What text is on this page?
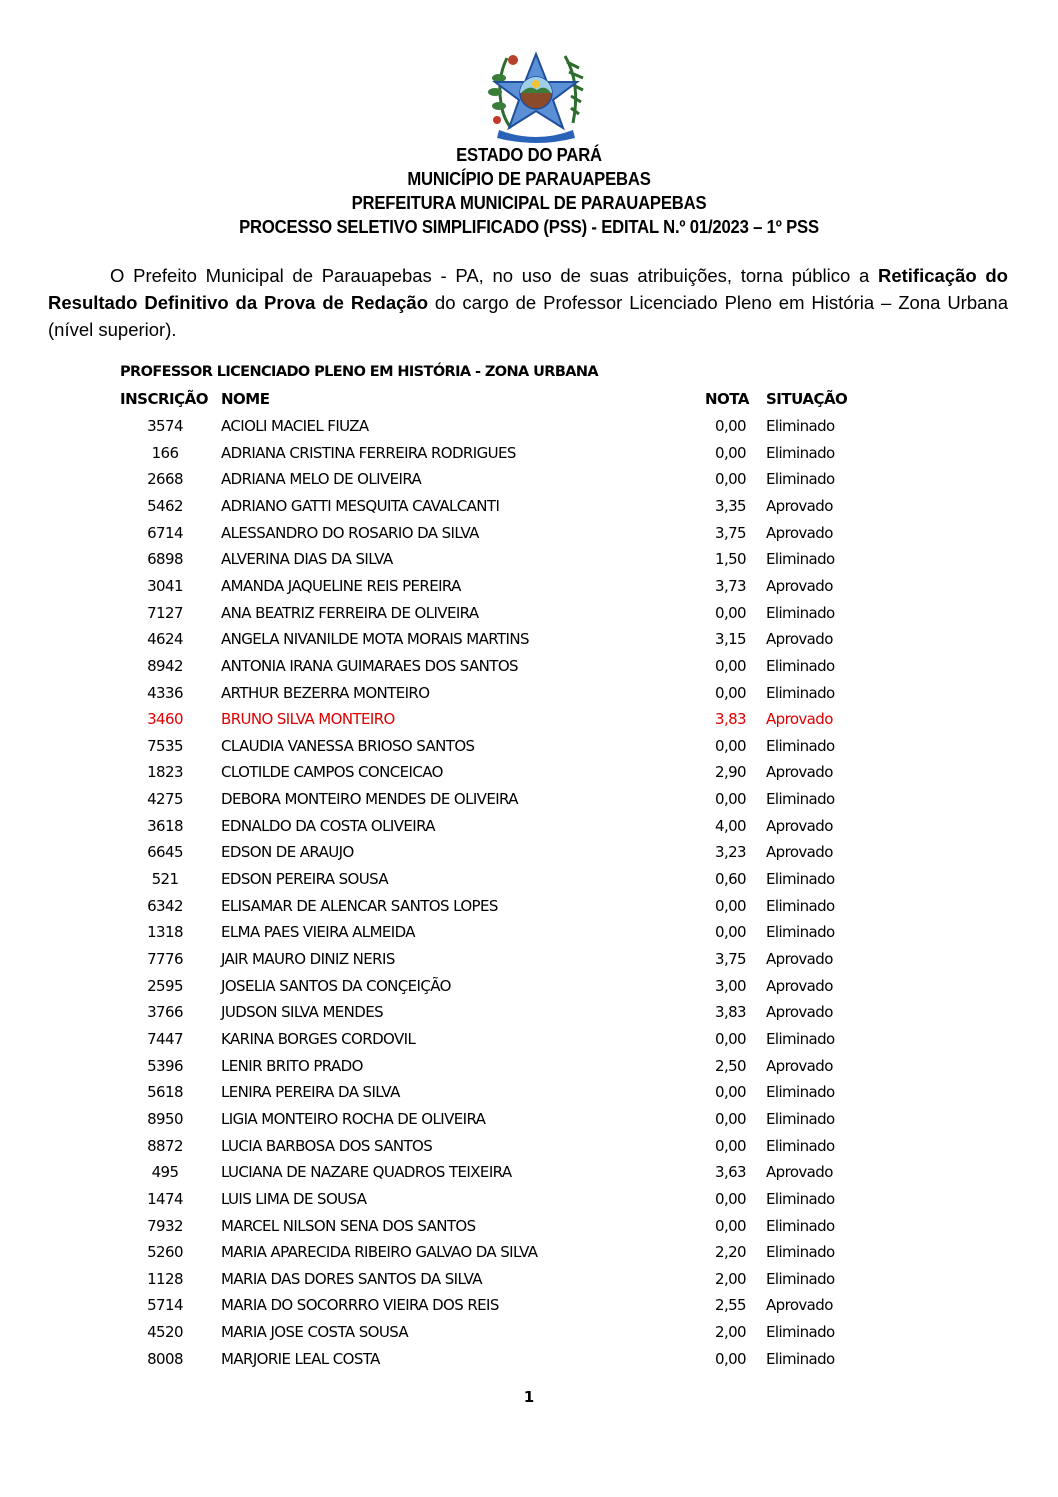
ESTADO DO PARÁ
MUNICÍPIO DE PARAUAPEBAS
PREFEITURA MUNICIPAL DE PARAUAPEBAS
PROCESSO SELETIVO SIMPLIFICADO (PSS) - EDITAL N.º 01/2023 – 1º PSS

O Prefeito Municipal de Parauapebas - PA, no uso de suas atribuições, torna público a Retificação do Resultado Definitivo da Prova de Redação do cargo de Professor Licenciado Pleno em História – Zona Urbana (nível superior).

PROFESSOR LICENCIADO PLENO EM HISTÓRIA - ZONA URBANA
INSCRIÇÃO NOME	NOTA SITUAÇÃO
3574	ACIOLI MACIEL FIUZA	0,00 Eliminado
166	ADRIANA CRISTINA FERREIRA RODRIGUES	0,00 Eliminado
2668	ADRIANA MELO DE OLIVEIRA	0,00 Eliminado
5462	ADRIANO GATTI MESQUITA CAVALCANTI	3,35 Aprovado
6714	ALESSANDRO DO ROSARIO DA SILVA	3,75 Aprovado
6898	ALVERINA DIAS DA SILVA	1,50 Eliminado
3041	AMANDA JAQUELINE REIS PEREIRA	3,73 Aprovado
7127	ANA BEATRIZ FERREIRA DE OLIVEIRA	0,00 Eliminado
4624	ANGELA NIVANILDE MOTA MORAIS MARTINS	3,15 Aprovado
8942	ANTONIA IRANA GUIMARAES DOS SANTOS	0,00 Eliminado
4336	ARTHUR BEZERRA MONTEIRO	0,00 Eliminado
3460	BRUNO SILVA MONTEIRO	3,83 Aprovado
7535	CLAUDIA VANESSA BRIOSO SANTOS	0,00 Eliminado
1823	CLOTILDE CAMPOS CONCEICAO	2,90 Aprovado
4275	DEBORA MONTEIRO MENDES DE OLIVEIRA	0,00 Eliminado
3618	EDNALDO DA COSTA OLIVEIRA	4,00 Aprovado
6645	EDSON DE ARAUJO	3,23 Aprovado
521	EDSON PEREIRA SOUSA	0,60 Eliminado
6342	ELISAMAR DE ALENCAR SANTOS LOPES	0,00 Eliminado
1318	ELMA PAES VIEIRA ALMEIDA	0,00 Eliminado
7776	JAIR MAURO DINIZ NERIS	3,75 Aprovado
2595	JOSELIA SANTOS DA CONÇEIÇÃO	3,00 Aprovado
3766	JUDSON SILVA MENDES	3,83 Aprovado
7447	KARINA BORGES CORDOVIL	0,00 Eliminado
5396	LENIR BRITO PRADO	2,50 Aprovado
5618	LENIRA PEREIRA DA SILVA	0,00 Eliminado
8950	LIGIA MONTEIRO ROCHA DE OLIVEIRA	0,00 Eliminado
8872	LUCIA BARBOSA DOS SANTOS	0,00 Eliminado
495	LUCIANA DE NAZARE QUADROS TEIXEIRA	3,63 Aprovado
1474	LUIS LIMA DE SOUSA	0,00 Eliminado
7932	MARCEL NILSON SENA DOS SANTOS	0,00 Eliminado
5260	MARIA APARECIDA RIBEIRO GALVAO DA SILVA	2,20 Eliminado
1128	MARIA DAS DORES SANTOS DA SILVA	2,00 Eliminado
5714	MARIA DO SOCORRRO VIEIRA DOS REIS	2,55 Aprovado
4520	MARIA JOSE COSTA SOUSA	2,00 Eliminado
8008	MARJORIE LEAL COSTA	0,00 Eliminado
1
